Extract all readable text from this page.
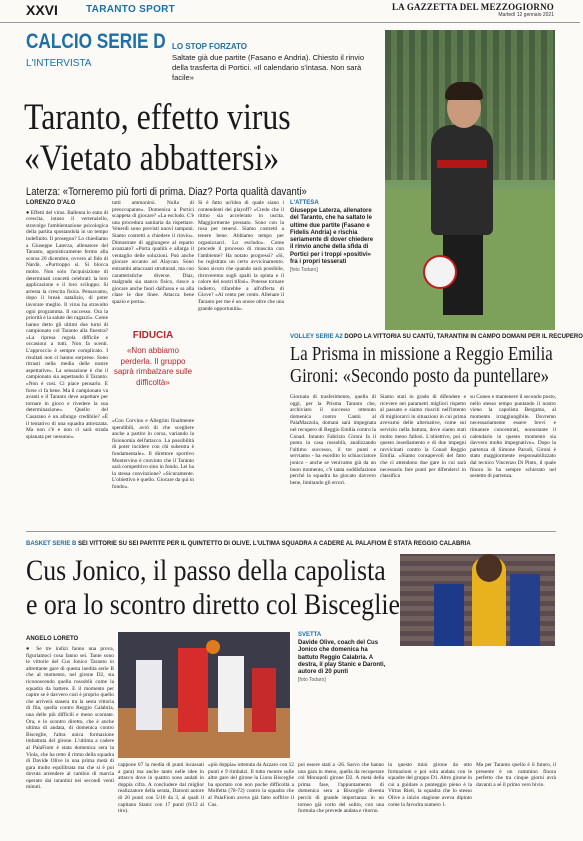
XXVI	TARANTO SPORT	LA GAZZETTA DEL MEZZOGIORNO
Martedì 12 gennaio 2021
CALCIO SERIE D
L'INTERVISTA
LO STOP FORZATO
Saltate già due partite (Fasano e Andria). Chiesto il rinvio della trasferta di Portici. «Il calendario s'intasa. Non sarà facile»
Taranto, effetto virus
«Vietato abbattersi»
Laterza: «Torneremo più forti di prima. Diaz? Porta qualità davanti»

LORENZO D'ALO

● Effetti del virus. Ballenta lo stato di crescita, intuso il vertenziello, stravolge l'ambientazione psicologica della partita spostandola in un tempo indefinito. Il proseguo? Lo chiediamo a Giuseppe Laterza, allenatore del Taranto, agonisticamente fermo alla scorsa 20 dicembre, ovvero al fido di Nardò. «Purtroppo sì. Si blocca molto. Non solo l'acquisizione di determinati concetti celebrati: la loro applicazione e il loro sviluppo. Si arresta la crescita fisica. Pensavamo, dopo il break natalizio, di poter lavorare meglio. Il virus ha stravolto ogni programma. Il successo. Ora la priorità è la salute dei ragazzi». Come hanno detto gli ultimi due turni di campionato col Taranto alla finestra? «La ripresa regola difficile e occasioni a tutti. Non fa scenti. L'approccio è sempre complicato. I risultati non ci hanno sorpreso. Sono ritrasti nella media delle nostre aspettative». La sensazione è che il campionato sia aspettando il Taranto. «Non è così. Ci piace pensarlo. E forse ci fa bene. Ma il campionato va avanti e il Taranto deve aspettare per tornare in gioco e rivedere la sua determinazione». Quello del Casarano è un allungo credibile? «È il tentativo di una squadra attrezzata. Ma non c'è e non ci sarà strada spianata per nessuno».

tutti ammonirsi. Nulla di preoccupante». Domenica a Portici scappeta di giocare? «La escludo. C'è una procedura sanitaria da rispettare. Venerdì sono previsti nuovi tamponi. Siamo costretti a chiedere il rinvio». Dimostrate di aggiungere al reparto avanzato? «Porta qualità e allarga il ventaglio delle soluzioni. Può anche giocare accanto ad Alaycan. Sono entrambi attaccanti strutturati, ma con caratteristiche diverse. Diaz, malgrado sia stanco fisico, riesce a giocare anche fuori dall'area e sa alla clase le due linee. Attacca bene spazio e porta».

FIDUCIA
«Non abbiamo perderla. Il gruppo saprà rimbalzare sulle difficoltà»

«Con Corvino e Allegrini finalmente spendibili, avrò di che scegliere anche a partire in corsa, variando la fisionomia dell'attacco. La possibilità di poter incidere con chi subentra è fondamentale». Il direttore sportivo Montervino è convinto che il Taranto sarà competitivo sino in fondo. Lei ha la stessa convinzione? «Sicuramente. L'obiettivo è quello. Giocare da qui in fondo».

Si è fatto un'idea di quale siano i contendenti dei playoff? «Credo che il ritmo sia accelerato in uscita. Maggiormente pressato. Sono con la rosa per tenersi. Siamo costretti a tenere bene. Abbiamo tempo per organizzarci. Lo escludo». Come procede il processo di rinascita con l'ambiente? Ha notato progressi? «Sì, ho registrato un certo avvicinamento. Sono sicuro che quando sarà possibile, ritroveremo sugli spalti la spinta e il calore dei nostri tifosi». Potesse tornare indietro, rifarebbe a all'offerta di Giove? «Al cento per cento. Allenare il Taranto per me è un onore oltre che una grande opportunità».

L'ATTESA
Giuseppe Laterza, allenatore del Taranto, che ha saltato le ultime due partite (Fasano e Fidelis Andria) e rischia seriamente di dover chiedere il rinvio anche della sfida di Portici per i troppi «positivi» fra i propri tesserati
[foto Todaro]
VOLLEY SERIE A2 DOPO LA VITTORIA SU CANTÙ, TARANTINI IN CAMPO DOMANI PER IL RECUPERO
La Prisma in missione a Reggio Emilia
Gironi: «Secondo posto da puntellare»

Giornata di trasferimento, quella di oggi, per la Prisma Taranto che, archiviato il successo ottenuto domenica contro Cantù al PalaMazzola, domani sarà impegnata nel recupero di Reggio Emilia contro la Conad. Intanto Fabrizio Gironi fa il punto in casa rossoblù, analizzando l'ultimo successo, il tre punti e serviamo - ha esordito lo schiacciatore jonico - anche se venivamo già da un buon momento, c'è tanta soddisfazione perché la squadra ha giocato davvero bene, limitando gli errori.

Siamo stati in grado di difendere e ricevere nei parametri migliori rispetto al passato e siamo riusciti nell'intento di migliorarci in situazioni in cui prima avevamo delle alternative, come sul servizio nella battuta, dove siamo stati molto meno fallosi. L'obiettivo, poi si questo insediamento e di due impegni ravvicinati contro la Conad Reggio Emilia. «Siamo consapevoli del fatto che ci attendono due gare in cui sarà necessario fare punti per difenderci in classifica

su Cuneo e mantenere il secondo posto, nello stesso tempo puntando il nostro vieno la capolista Bergamo, al momento irraggiungibile. Dovremo necessariamente essere brevi e rimanere concentrati, nonostante il calendario in questo momento sia davvero molto impegnativo». Dopo la partenza di Simone Parodi, Gironi è stato maggiormente responsabilizzato dal tecnico Vincenzo Di Pinto, il quale finora lo ha sempre schierato nel sestetto di partenza.

BASKET SERIE B SEI VITTORIE SU SEI PARTITE PER IL QUINTETTO DI OLIVE. L'ULTIMA SQUADRA A CADERE AL PALAFIOM È STATA REGGIO CALABRIA
Cus Jonico, il passo della capolista
e ora lo scontro diretto col Bisceglie
ANGELO LORETO

● Se tre indizi fanno una prova, figuriamoci cosa fanno sei. Tante sono le vittorie del Cus Jonico Taranto in altrettante gare di questa inedita serie B che al momento, nel girone D2, sta riconoscendo quella rossoblù come la squadra da battere. E il momento per capire se è davvero così è proprio quello che arriverà stasera tra la sesta vittoria di fila, quella contro Reggio Calabria, una delle più difficili e meno scontate. Ora, e lo scontro diretto, che è anche ultima di andata, di domenica contro Bisceglie, l'altra unica formazione imbattuta del girone. L'ultima a cadere al PalaFiom è stata domenica sera la Viola, che ha retto il ritmo della squadra di Davide Olive in una prima metà di gara molto equilibrata ma che si è poi dovuta arrendere al cambio di marcia operato dai tarantini nei secondi venti minuti.

SVETTA
Davide Olive, coach del Cus Jonico che domenica ha battuto Reggio Calabria. A destra, il play Stanic e Daronti, autore di 20 punti
[foto Todaro]

cappone 67 la media di punti incassati a gara) ma anche tanto nelle idee in attacco dove in quattro sono andati in doppia cifra. A concludere dal miglior realizzatore della serata, Daronti autore di 20 punti con 5/10 da 3, ai quali il capitano Stanic con 17 punti (6/12 al tiro).

«più doppia» ottenuta da Azzaro con 12 punti e 9 rimbalzi. Il tutto mentre sulle altre gare del girone la Lions Bisceglie ha sportato con non poche difficoltà a Molfetta (78-72) contro la squadra che al PalaFiom aveva già fatto soffrire il Cus.

poi essere stati a -26. Sarvo che hanno una gara in meno, quella da recuperare col Monopoli girone D2. A metà della prima fase, l'appuntamento di domenica sera a Bisceglie diventa perciò di grande importanza in un torneo già corto del solito, con una formula che prevede andata e ritorno.

in questo mini girone da otto formazioni e poi sola andata con le squadre del gruppo D1. Altro girone in cui a guidare a punteggio pieno è la Virtus Rieti, la squadra che lo stesso Olive a inizio stagione aveva dipinto come la favorita numero 1.

Ma per Taranto quello è il futuro, il presente è un cammino finora perfetto che tra cinque giorni avrà davanti a sé il primo vero bivio.
